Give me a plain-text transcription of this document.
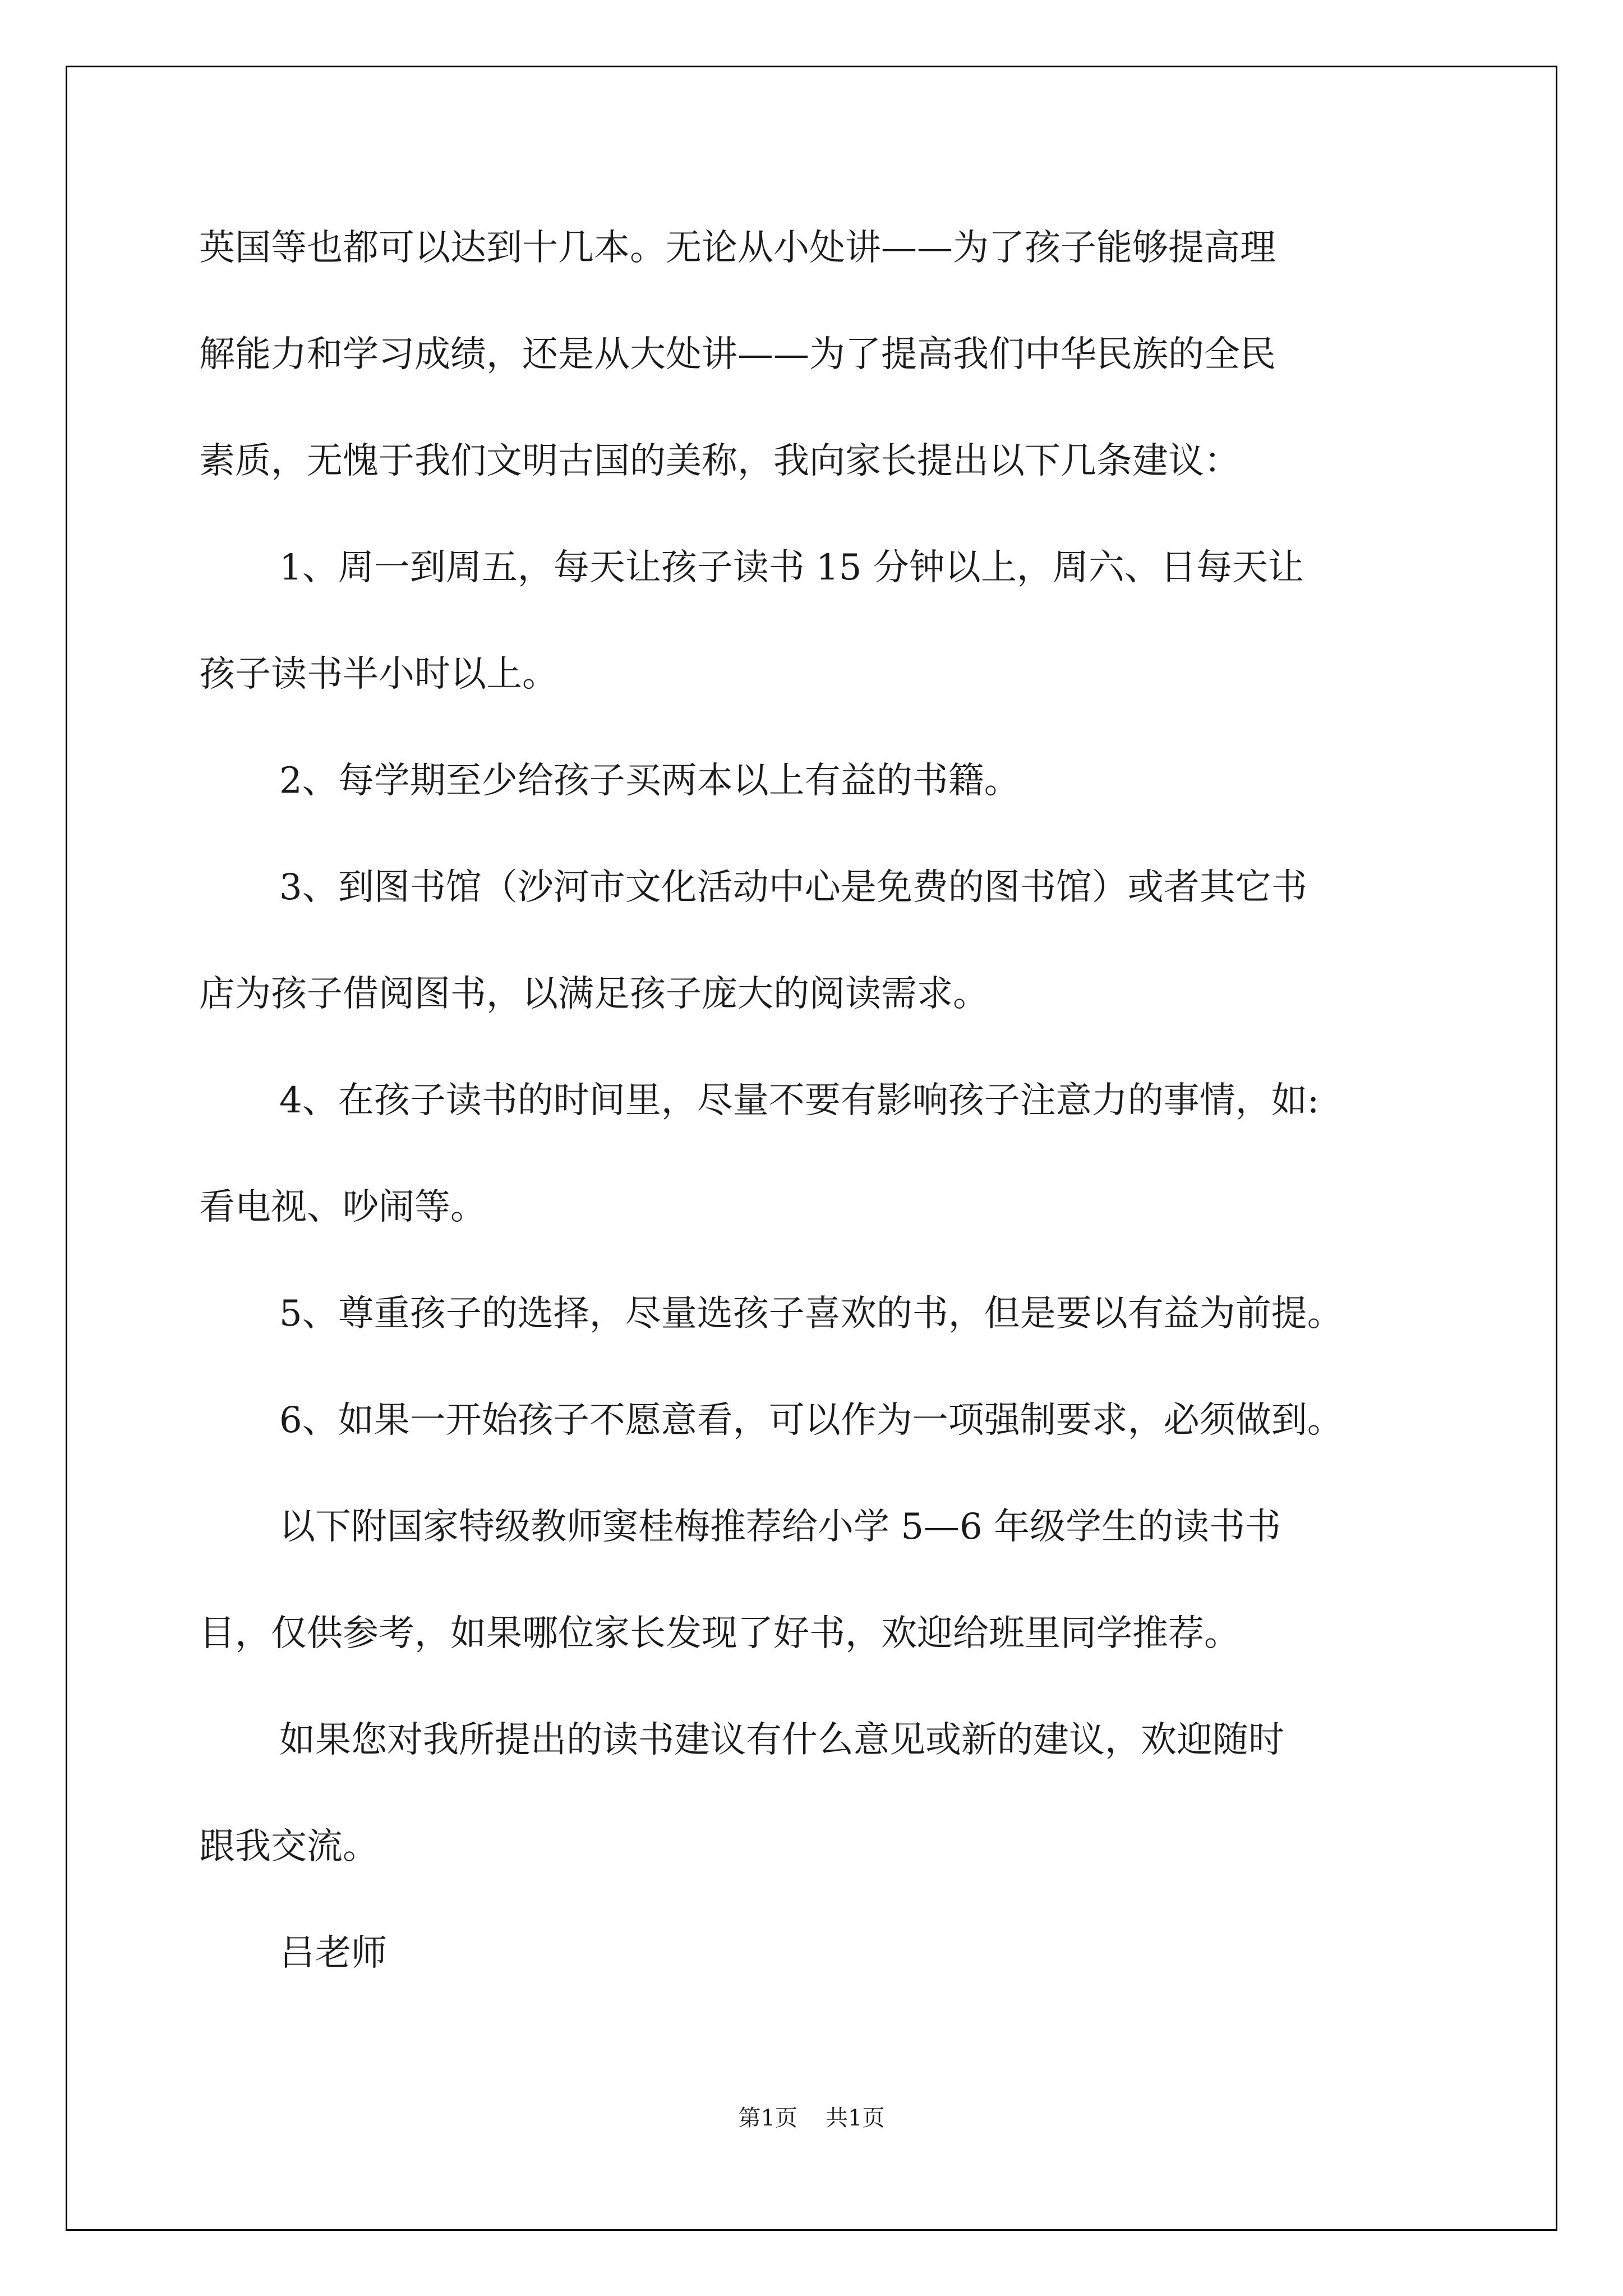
英国等也都可以达到十几本。无论从小处讲——为了孩子能够提高理
解能力和学习成绩，还是从大处讲——为了提高我们中华民族的全民
素质，无愧于我们文明古国的美称，我向家长提出以下几条建议：
1、周一到周五，每天让孩子读书 15 分钟以上，周六、日每天让
孩子读书半小时以上。
2、每学期至少给孩子买两本以上有益的书籍。
3、到图书馆（沙河市文化活动中心是免费的图书馆）或者其它书
店为孩子借阅图书，以满足孩子庞大的阅读需求。
4、在孩子读书的时间里，尽量不要有影响孩子注意力的事情，如:
看电视、吵闹等。
5、尊重孩子的选择，尽量选孩子喜欢的书，但是要以有益为前提。
6、如果一开始孩子不愿意看，可以作为一项强制要求，必须做到。
以下附国家特级教师窦桂梅推荐给小学 5—6 年级学生的读书书
目，仅供参考，如果哪位家长发现了好书，欢迎给班里同学推荐。
如果您对我所提出的读书建议有什么意见或新的建议，欢迎随时
跟我交流。
吕老师
第1页 共1页
